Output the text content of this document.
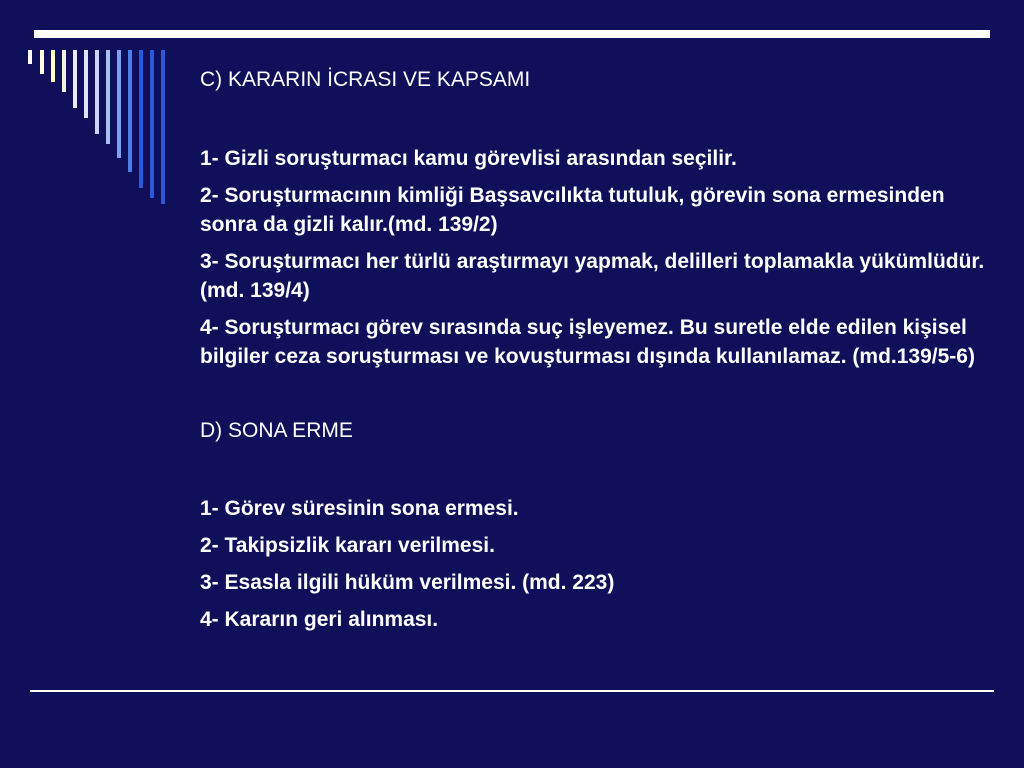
C) KARARIN İCRASI VE KAPSAMI

1- Gizli soruşturmacı kamu görevlisi arasından seçilir.

2- Soruşturmacının kimliği Başsavcılıkta tutuluk, görevin sona ermesinden sonra da gizli kalır.(md. 139/2)

3- Soruşturmacı her türlü araştırmayı yapmak, delilleri toplamakla yükümlüdür. (md. 139/4)

4- Soruşturmacı görev sırasında suç işleyemez. Bu suretle elde edilen kişisel bilgiler ceza soruşturması ve kovuşturması dışında kullanılamaz. (md.139/5-6)

D) SONA ERME

1- Görev süresinin sona ermesi.

2- Takipsizlik kararı verilmesi.

3- Esasla ilgili hüküm verilmesi. (md. 223)

4- Kararın geri alınması.
